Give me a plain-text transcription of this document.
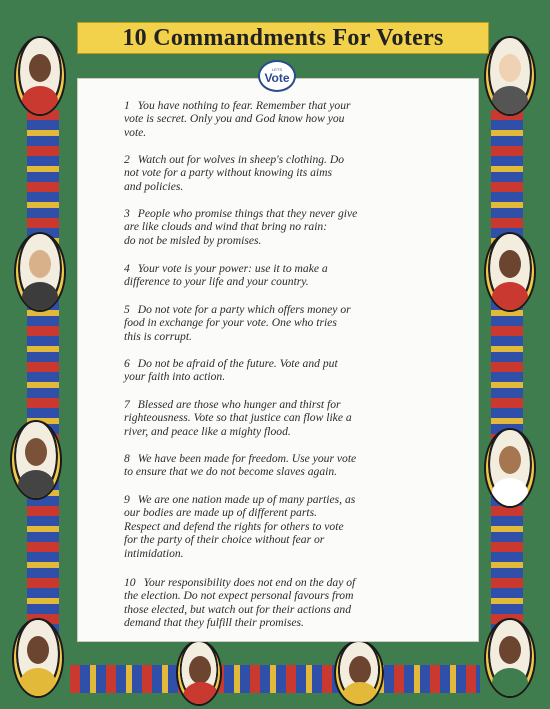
10 Commandments For Voters
LETS
Vote
1 You have nothing to fear. Remember that your
vote is secret. Only you and God know how you
vote.
2 Watch out for wolves in sheep's clothing. Do
not vote for a party without knowing its aims
and policies.
3 People who promise things that they never give
are like clouds and wind that bring no rain:
do not be misled by promises.
4 Your vote is your power: use it to make a
difference to your life and your country.
5 Do not vote for a party which offers money or
food in exchange for your vote. One who tries
this is corrupt.
6 Do not be afraid of the future. Vote and put
your faith into action.
7 Blessed are those who hunger and thirst for
righteousness. Vote so that justice can flow like a
river, and peace like a mighty flood.
8 We have been made for freedom. Use your vote
to ensure that we do not become slaves again.
9 We are one nation made up of many parties, as
our bodies are made up of different parts.
Respect and defend the rights for others to vote
for the party of their choice without fear or
intimidation.
10 Your responsibility does not end on the day of
the election. Do not expect personal favours from
those elected, but watch out for their actions and
demand that they fulfill their promises.
